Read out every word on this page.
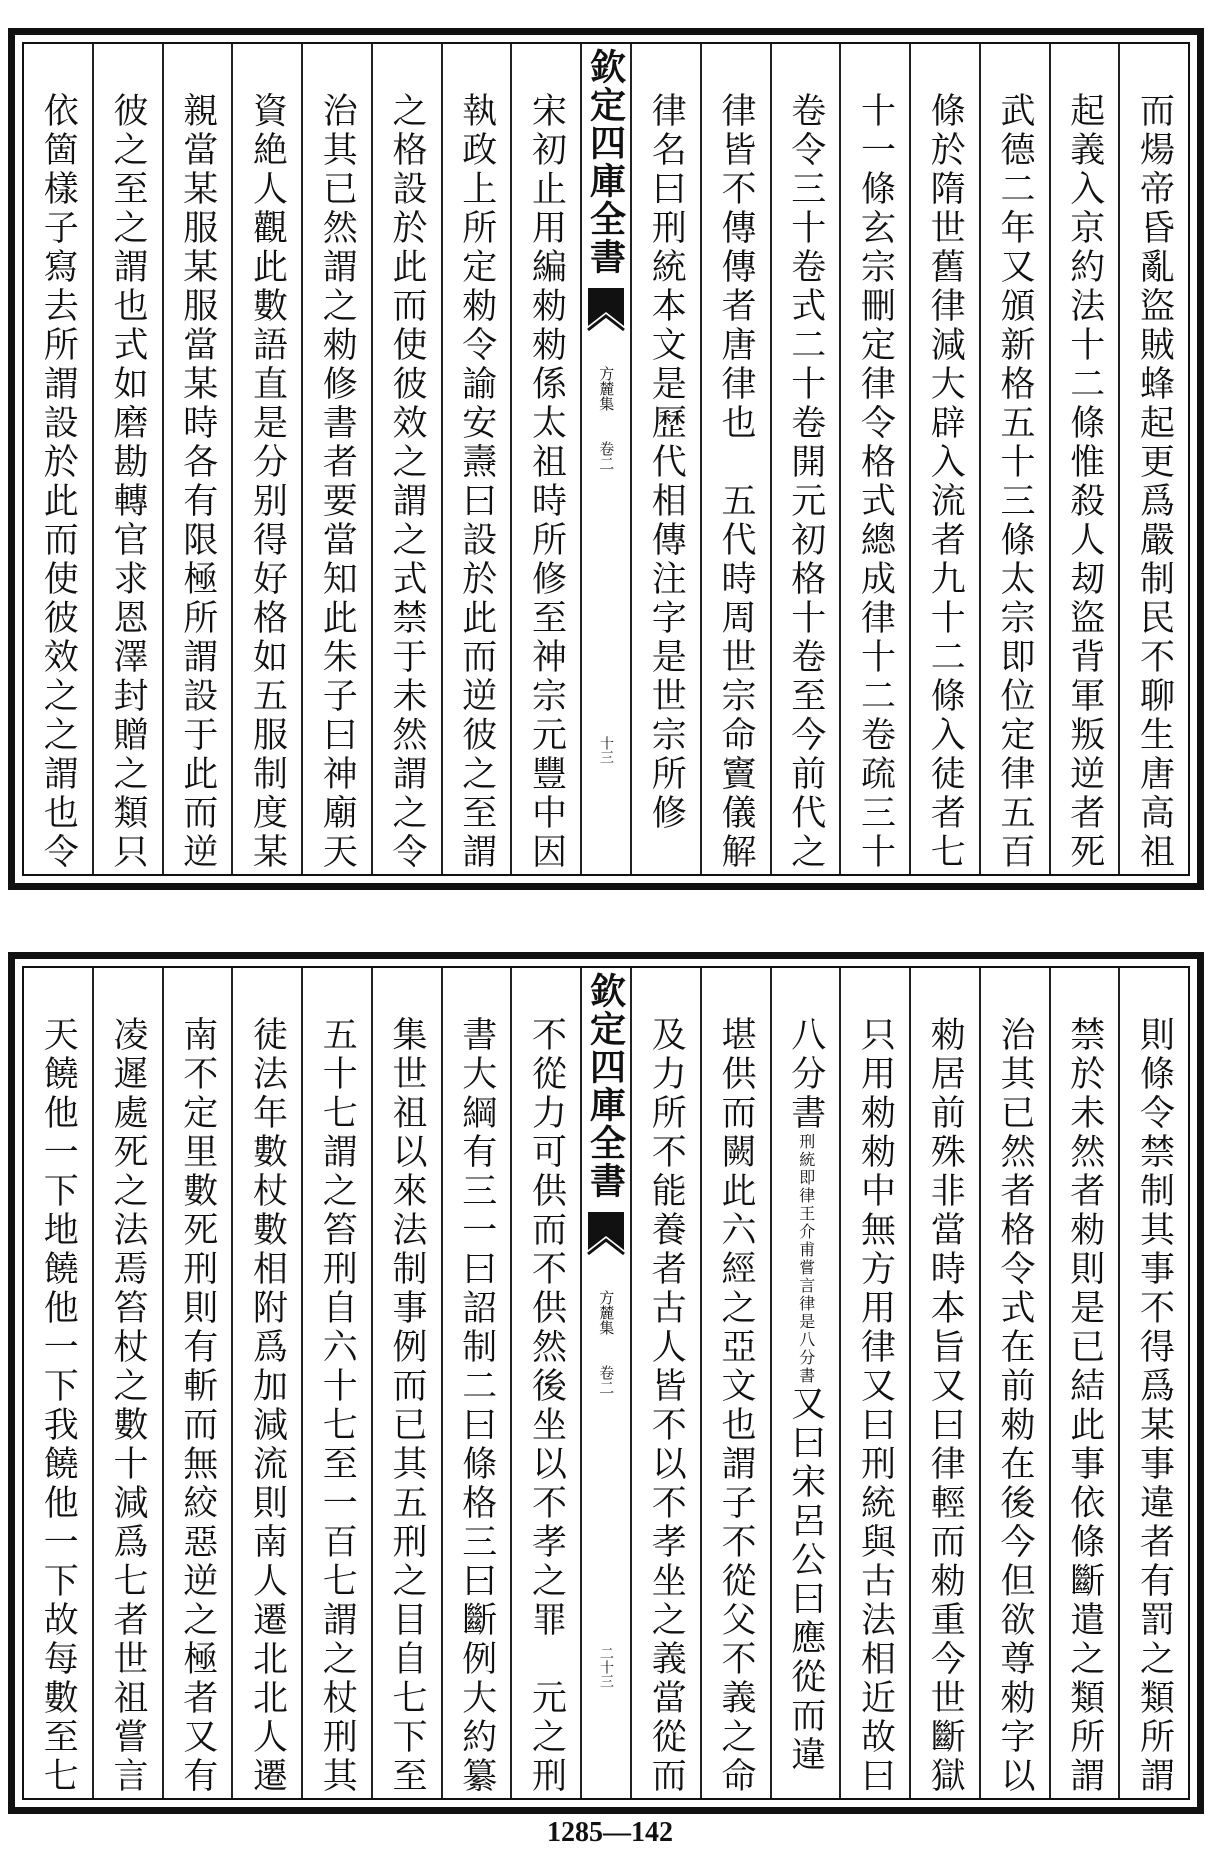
而煬帝昏亂盜賊蜂起更爲嚴制民不聊生唐高祖
起義入京約法十二條惟殺人刼盜背軍叛逆者死
武德二年又頒新格五十三條太宗即位定律五百
條於隋世舊律減大辟入流者九十二條入徒者七
十一條玄宗刪定律令格式總成律十二卷疏三十
卷令三十卷式二十卷開元初格十卷至今前代之
律皆不傳傳者唐律也　五代時周世宗命竇儀解
律名曰刑統本文是歷代相傳注字是世宗所修
欽定四庫全書
方麓集
卷二
十三
宋初止用編勑勑係太祖時所修至神宗元豐中因
執政上所定勑令諭安燾曰設於此而逆彼之至謂
之格設於此而使彼效之謂之式禁于未然謂之令
治其已然謂之勑修書者要當知此朱子曰神廟天
資絶人觀此數語直是分别得好格如五服制度某
親當某服某服當某時各有限極所謂設于此而逆
彼之至之謂也式如磨勘轉官求恩澤封贈之類只
依箇樣子寫去所謂設於此而使彼效之之謂也令
則條令禁制其事不得爲某事違者有罰之類所謂
禁於未然者勑則是已結此事依條斷遣之類所謂
治其已然者格令式在前勑在後今但欲尊勑字以
勑居前殊非當時本旨又曰律輕而勑重今世斷獄
只用勑勑中無方用律又曰刑統與古法相近故曰
八分書刑統即律王介甫嘗言律是八分書又曰宋呂公曰應從而違
堪供而闕此六經之亞文也謂子不從父不義之命
及力所不能養者古人皆不以不孝坐之義當從而
欽定四庫全書
方麓集
卷二
二十三
不從力可供而不供然後坐以不孝之罪　元之刑
書大綱有三一曰詔制二曰條格三曰斷例大約纂
集世祖以來法制事例而已其五刑之目自七下至
五十七謂之笞刑自六十七至一百七謂之杖刑其
徒法年數杖數相附爲加減流則南人遷北北人遷
南不定里數死刑則有斬而無絞惡逆之極者又有
凌遲處死之法焉笞杖之數十減爲七者世祖嘗言
天饒他一下地饒他一下我饒他一下故每數至七
1285—142
